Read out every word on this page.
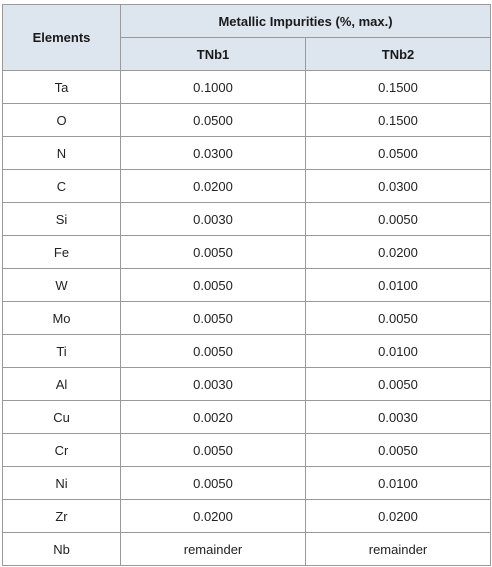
Elements	Metallic Impurities (%, max.)	
	TNb1	TNb2
Ta	0.1000	0.1500
O	0.0500	0.1500
N	0.0300	0.0500
C	0.0200	0.0300
Si	0.0030	0.0050
Fe	0.0050	0.0200
W	0.0050	0.0100
Mo	0.0050	0.0050
Ti	0.0050	0.0100
Al	0.0030	0.0050
Cu	0.0020	0.0030
Cr	0.0050	0.0050
Ni	0.0050	0.0100
Zr	0.0200	0.0200
Nb	remainder	remainder
